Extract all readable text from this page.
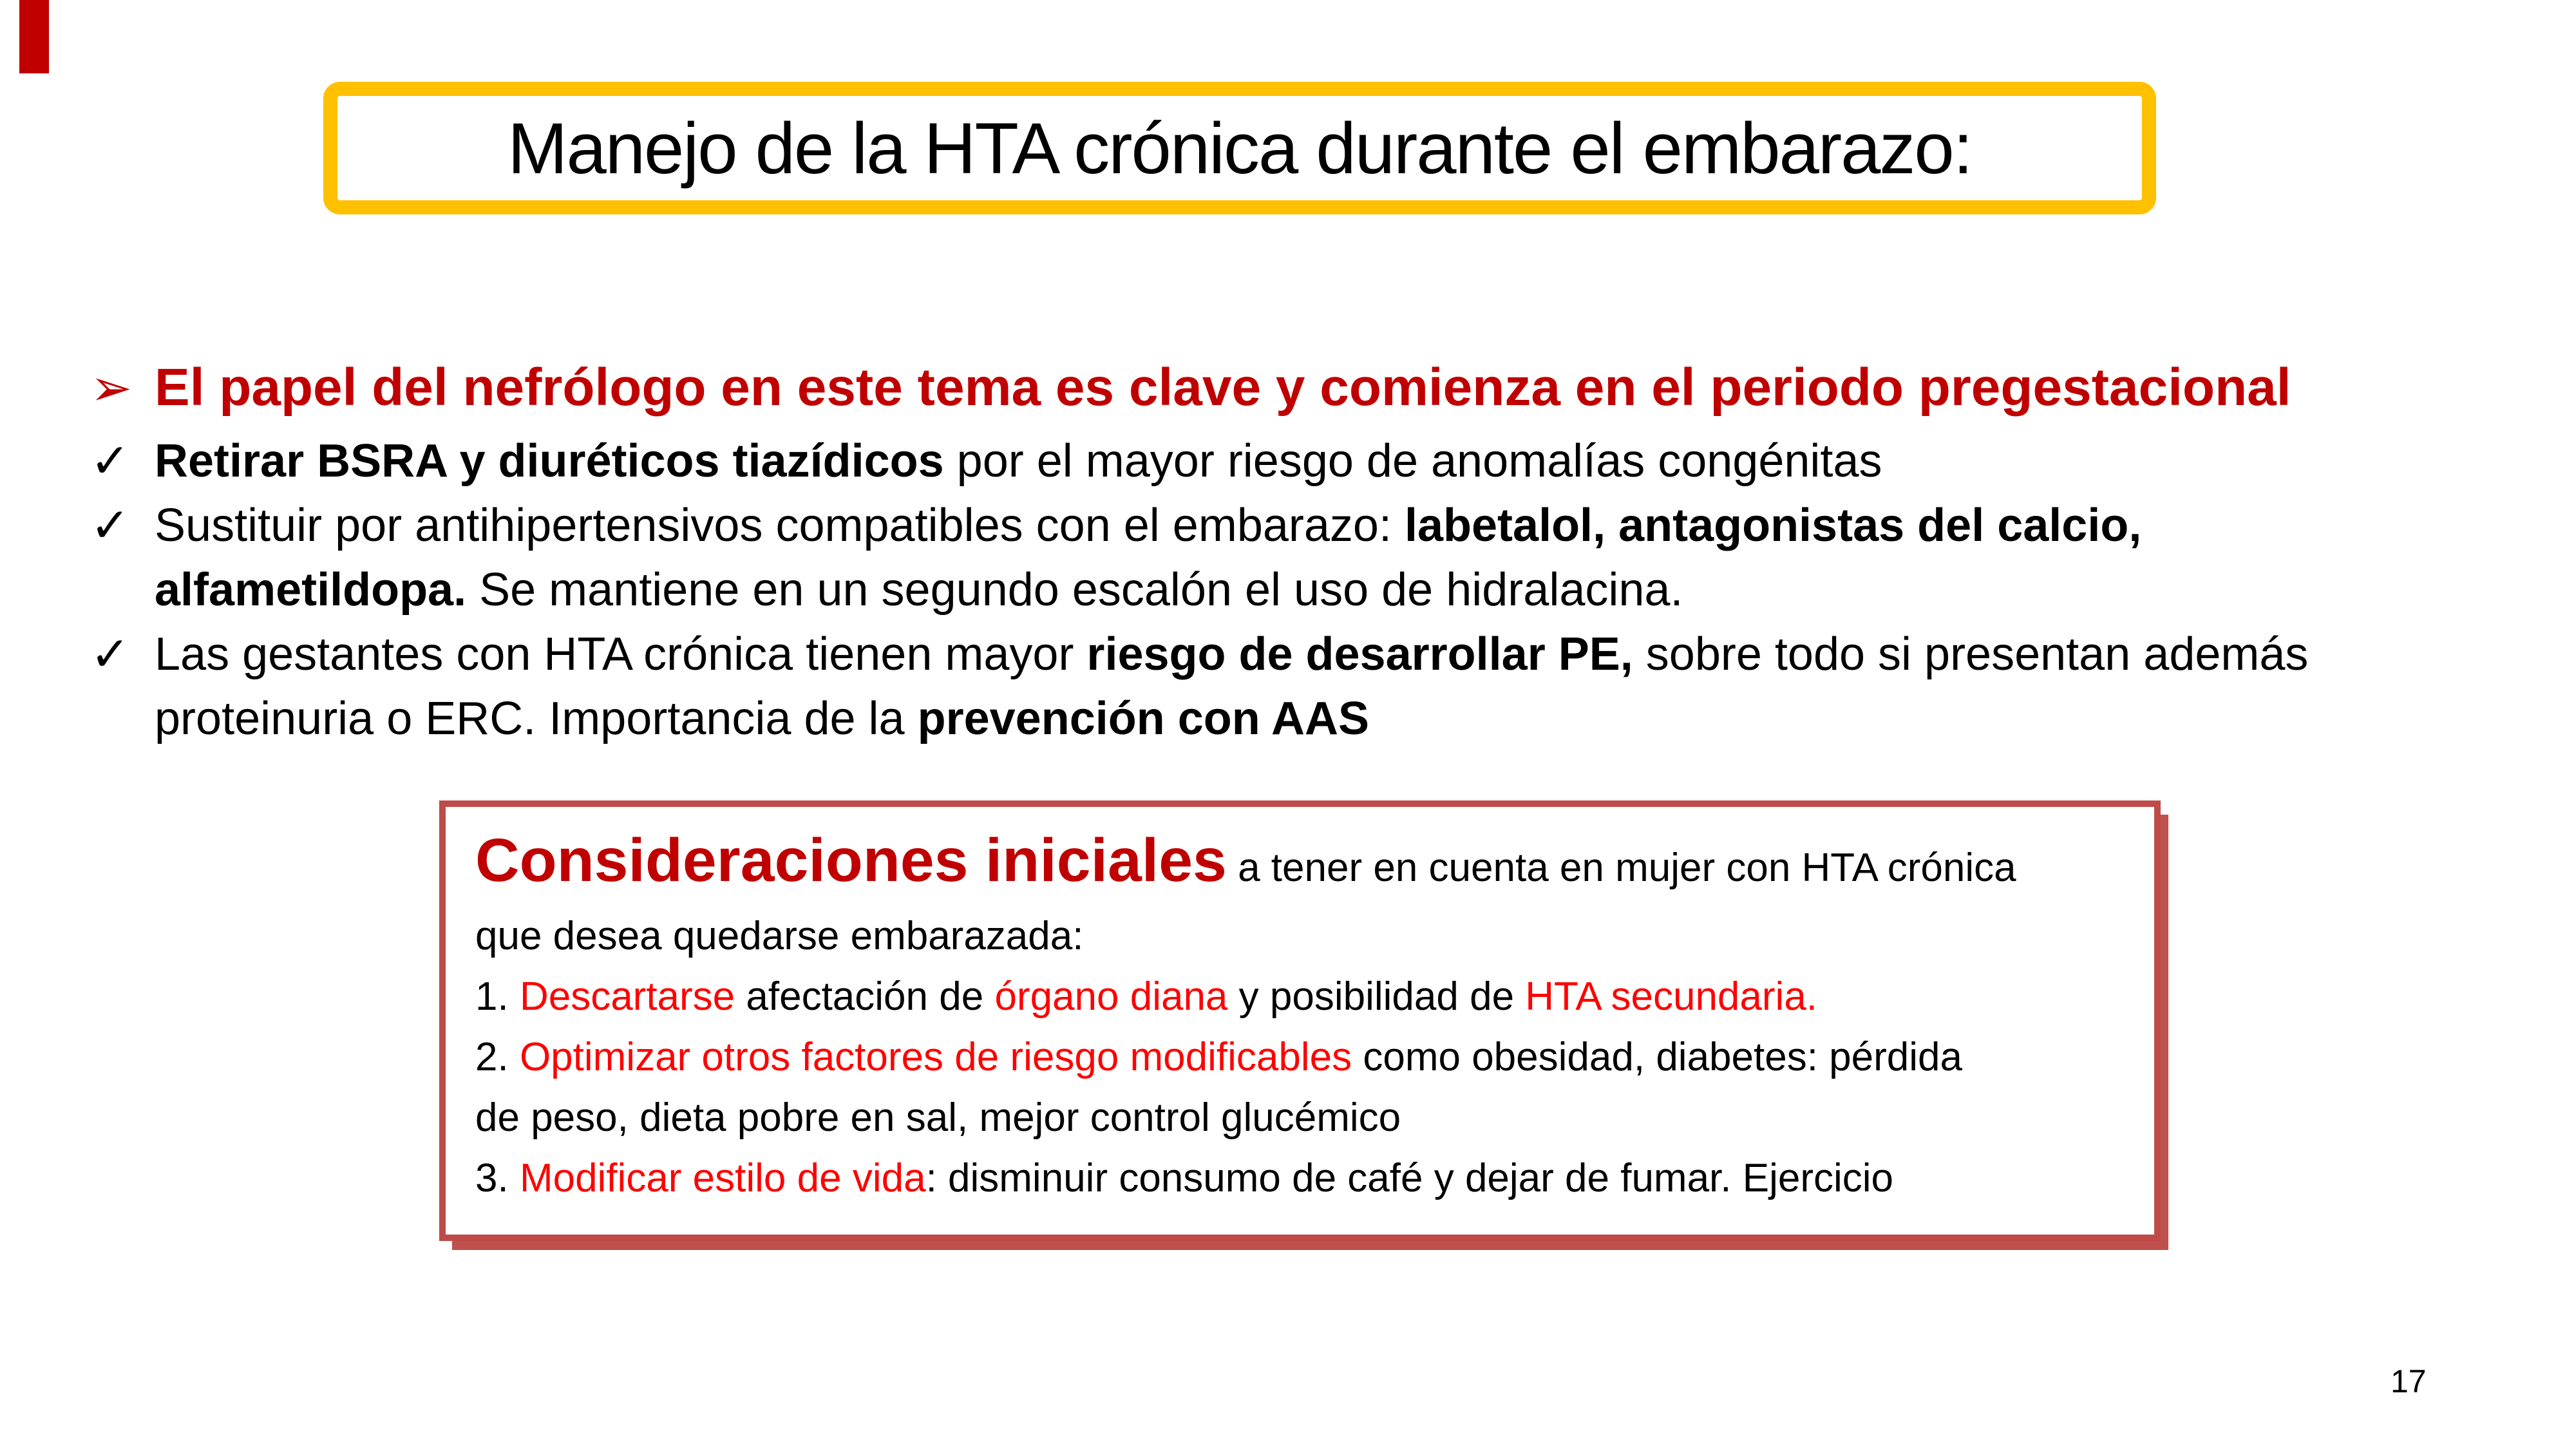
Manejo de la HTA crónica durante el embarazo:
➢ El papel del nefrólogo en este tema es clave y comienza en el periodo pregestacional
✓ Retirar BSRA y diuréticos tiazídicos por el mayor riesgo de anomalías congénitas
✓ Sustituir por antihipertensivos compatibles con el embarazo: labetalol, antagonistas del calcio,
alfametildopa. Se mantiene en un segundo escalón el uso de hidralacina.
✓ Las gestantes con HTA crónica tienen mayor riesgo de desarrollar PE, sobre todo si presentan además
proteinuria o ERC. Importancia de la prevención con AAS
Consideraciones iniciales a tener en cuenta en mujer con HTA crónica
que desea quedarse embarazada:
1. Descartarse afectación de órgano diana y posibilidad de HTA secundaria.
2. Optimizar otros factores de riesgo modificables como obesidad, diabetes: pérdida
de peso, dieta pobre en sal, mejor control glucémico
3. Modificar estilo de vida: disminuir consumo de café y dejar de fumar. Ejercicio
17
